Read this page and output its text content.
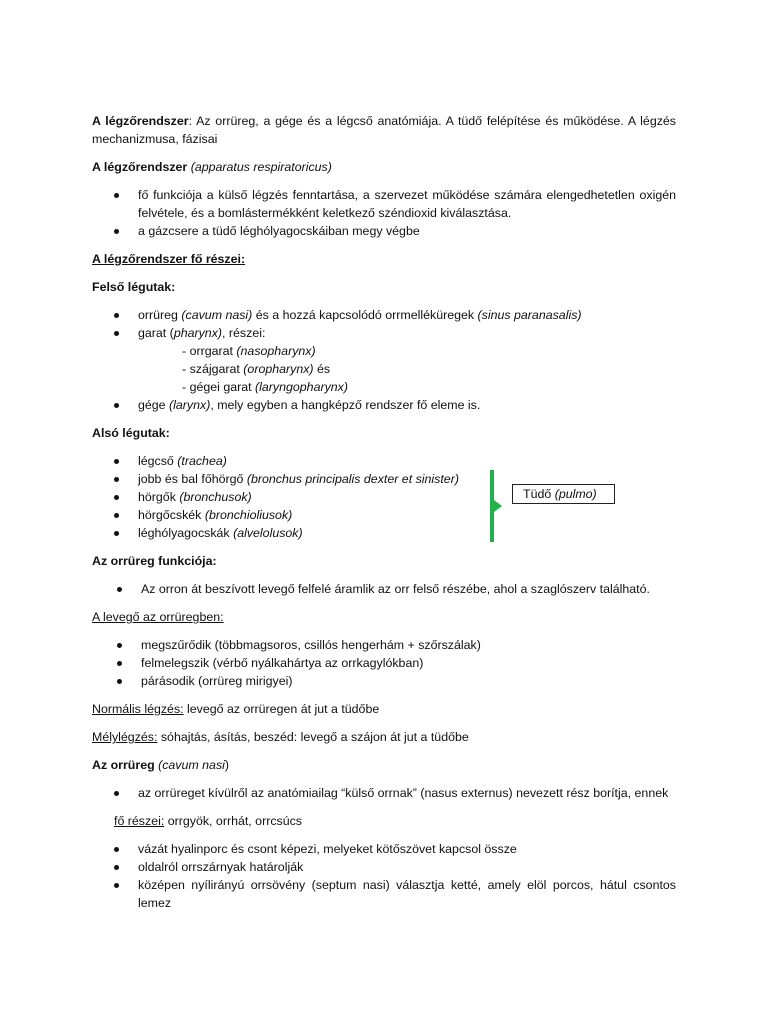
A légzőrendszer: Az orrüreg, a gége és a légcső anatómiája. A tüdő felépítése és működése. A légzés mechanizmusa, fázisai

A légzőrendszer (apparatus respiratoricus)

fő funkciója a külső légzés fenntartása, a szervezet működése számára elengedhetetlen oxigén felvétele, és a bomlástermékként keletkező széndioxid kiválasztása.
a gázcsere a tüdő léghólyagocskáiban megy végbe

A légzőrendszer fő részei:

Felső légutak:

orrüreg (cavum nasi) és a hozzá kapcsolódó orrmelléküregek (sinus paranasalis)
garat (pharynx), részei:
- orrgarat (nasopharynx)
- szájgarat (oropharynx) és
- gégei garat (laryngopharynx)
gége (larynx), mely egyben a hangképző rendszer fő eleme is.

Alsó légutak:

légcső (trachea)
jobb és bal főhörgő (bronchus principalis dexter et sinister)
hörgők (bronchusok)
hörgőcskék (bronchioliusok)
léghólyagocskák (alvelolusok)
Tüdő (pulmo)

Az orrüreg funkciója:

Az orron át beszívott levegő felfelé áramlik az orr felső részébe, ahol a szaglószerv található.

A levegő az orrüregben:

megszűrődik (többmagsoros, csillós hengerhám + szőrszálak)
felmelegszik (vérbő nyálkahártya az orrkagylókban)
párásodik (orrüreg mirigyei)

Normális légzés: levegő az orrüregen át jut a tüdőbe

Mélylégzés: sóhajtás, ásítás, beszéd: levegő a szájon át jut a tüdőbe

Az orrüreg (cavum nasi)

az orrüreget kívülről az anatómiailag “külső orrnak” (nasus externus) nevezett rész borítja, ennek

fő részei: orrgyök, orrhát, orrcsúcs

vázát hyalinporc és csont képezi, melyeket kötőszövet kapcsol össze
oldalról orrszárnyak határolják
középen nyílirányú orrsövény (septum nasi) választja ketté, amely elöl porcos, hátul csontos lemez
